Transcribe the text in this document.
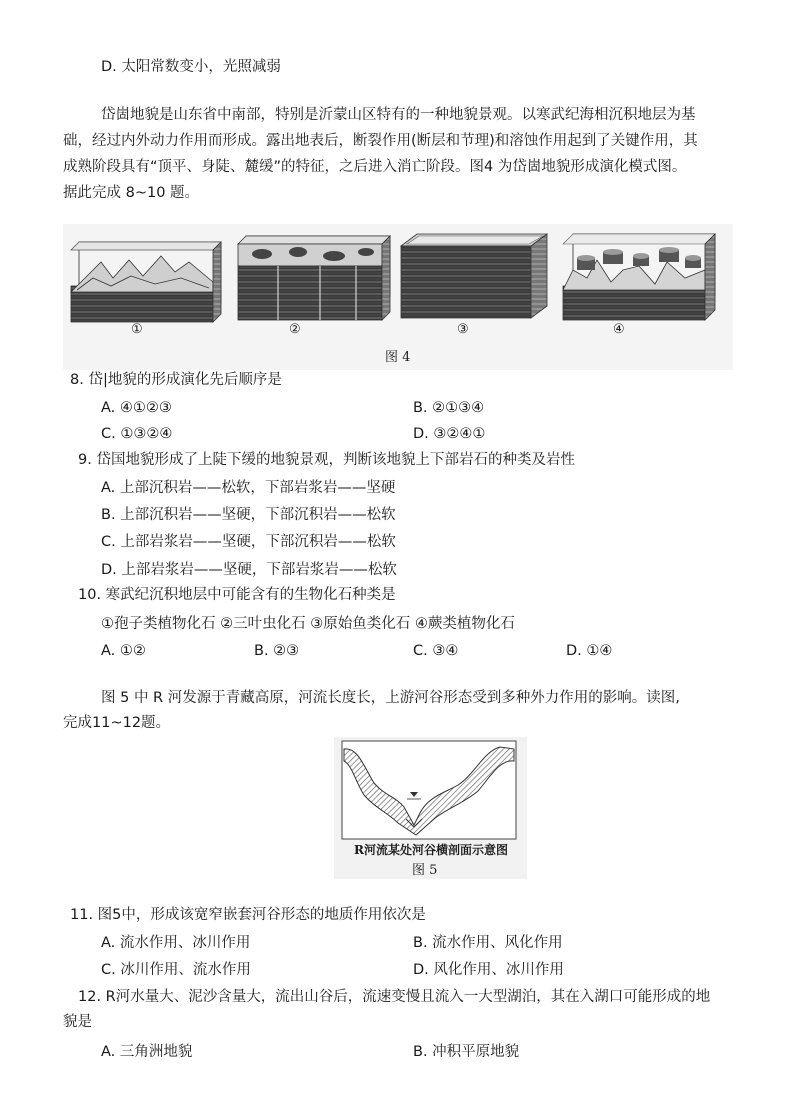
D. 太阳常数变小，光照减弱
岱崮地貌是山东省中南部，特别是沂蒙山区特有的一种地貌景观。以寒武纪海相沉积地层为基
础，经过内外动力作用而形成。露出地表后，断裂作用(断层和节理)和溶蚀作用起到了关键作用，其
成熟阶段具有“顶平、身陡、麓缓”的特征，之后进入消亡阶段。图4 为岱崮地貌形成演化模式图。
据此完成 8~10 题。
①	②	③	④
图 4
8. 岱|地貌的形成演化先后顺序是
A. ④①②③	B. ②①③④
C. ①③②④	D. ③②④①
9. 岱国地貌形成了上陡下缓的地貌景观，判断该地貌上下部岩石的种类及岩性
A. 上部沉积岩——松软，下部岩浆岩——坚硬
B. 上部沉积岩——坚硬，下部沉积岩——松软
C. 上部岩浆岩——坚硬，下部沉积岩——松软
D. 上部岩浆岩——坚硬，下部岩浆岩——松软
10. 寒武纪沉积地层中可能含有的生物化石种类是
①孢子类植物化石 ②三叶虫化石 ③原始鱼类化石 ④蕨类植物化石
A. ①②	B. ②③	C. ③④	D. ①④
图 5 中 R 河发源于青藏高原，河流长度长，上游河谷形态受到多种外力作用的影响。读图,
完成11~12题。
R河流某处河谷横剖面示意图
图 5
11. 图5中，形成该宽窄嵌套河谷形态的地质作用依次是
A. 流水作用、冰川作用	B. 流水作用、风化作用
C. 冰川作用、流水作用	D. 风化作用、冰川作用
12. R河水量大、泥沙含量大，流出山谷后，流速变慢且流入一大型湖泊，其在入湖口可能形成的地
貌是
A. 三角洲地貌	B. 冲积平原地貌
